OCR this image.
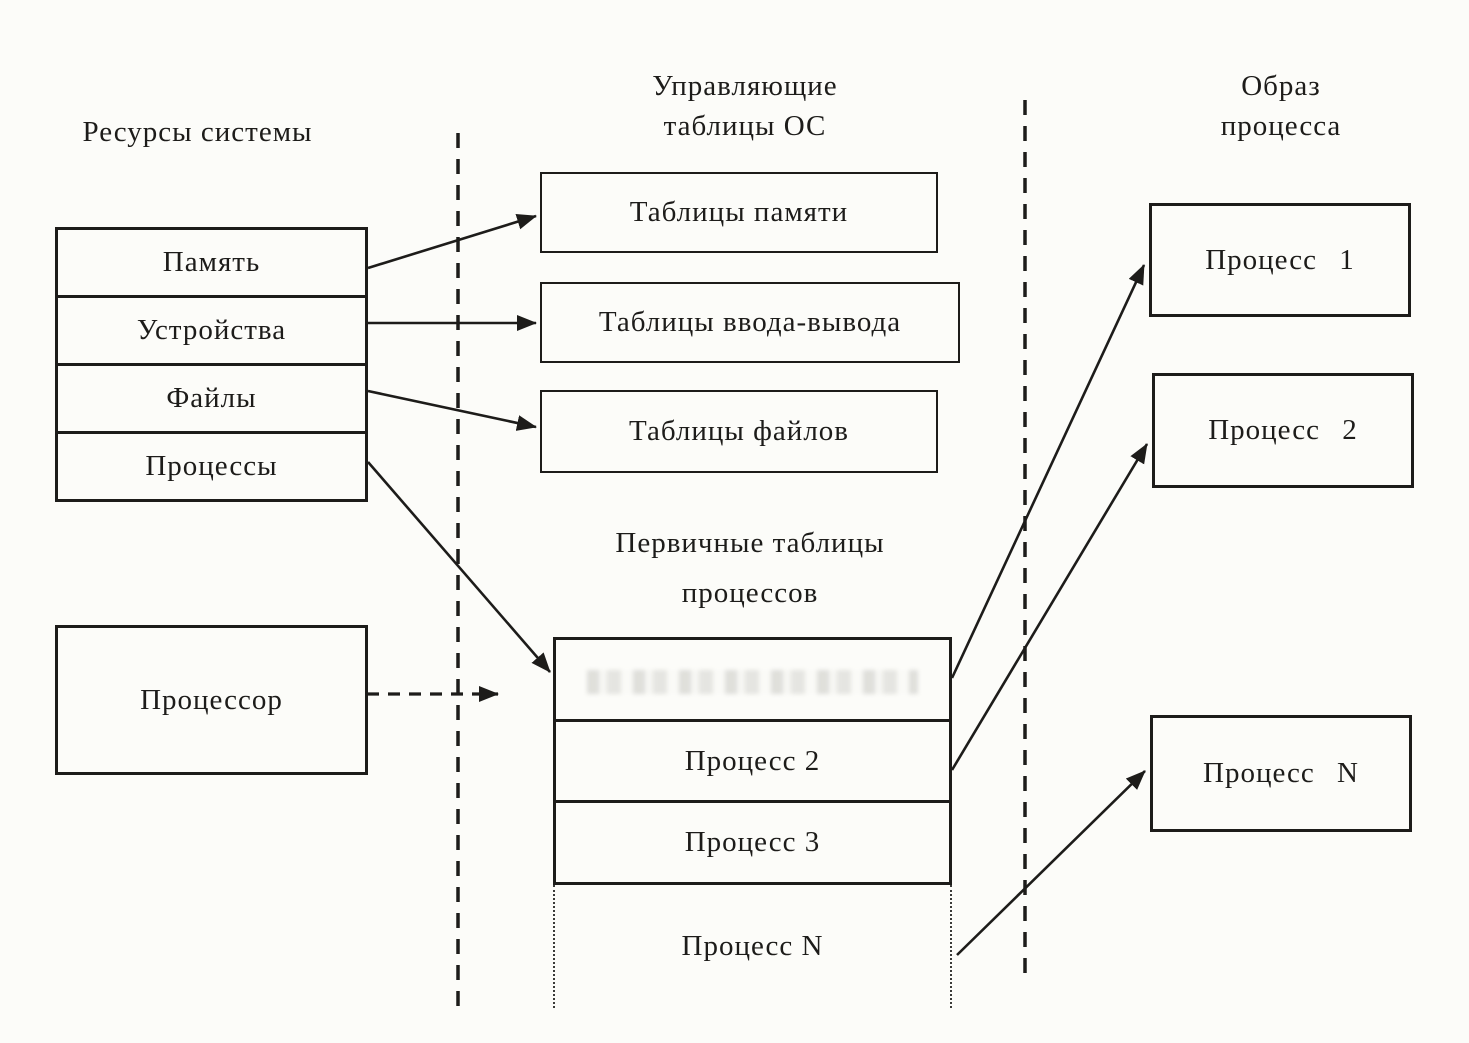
Ресурсы системы
Управляющие
таблицы ОС
Образ
процесса
Первичные таблицы
процессов
Память
Устройства
Файлы
Процессы
Процессор
Таблицы памяти
Таблицы ввода-вывода
Таблицы файлов
Процесс 2
Процесс 3
Процесс N
Процесс 1
Процесс 2
Процесс N
